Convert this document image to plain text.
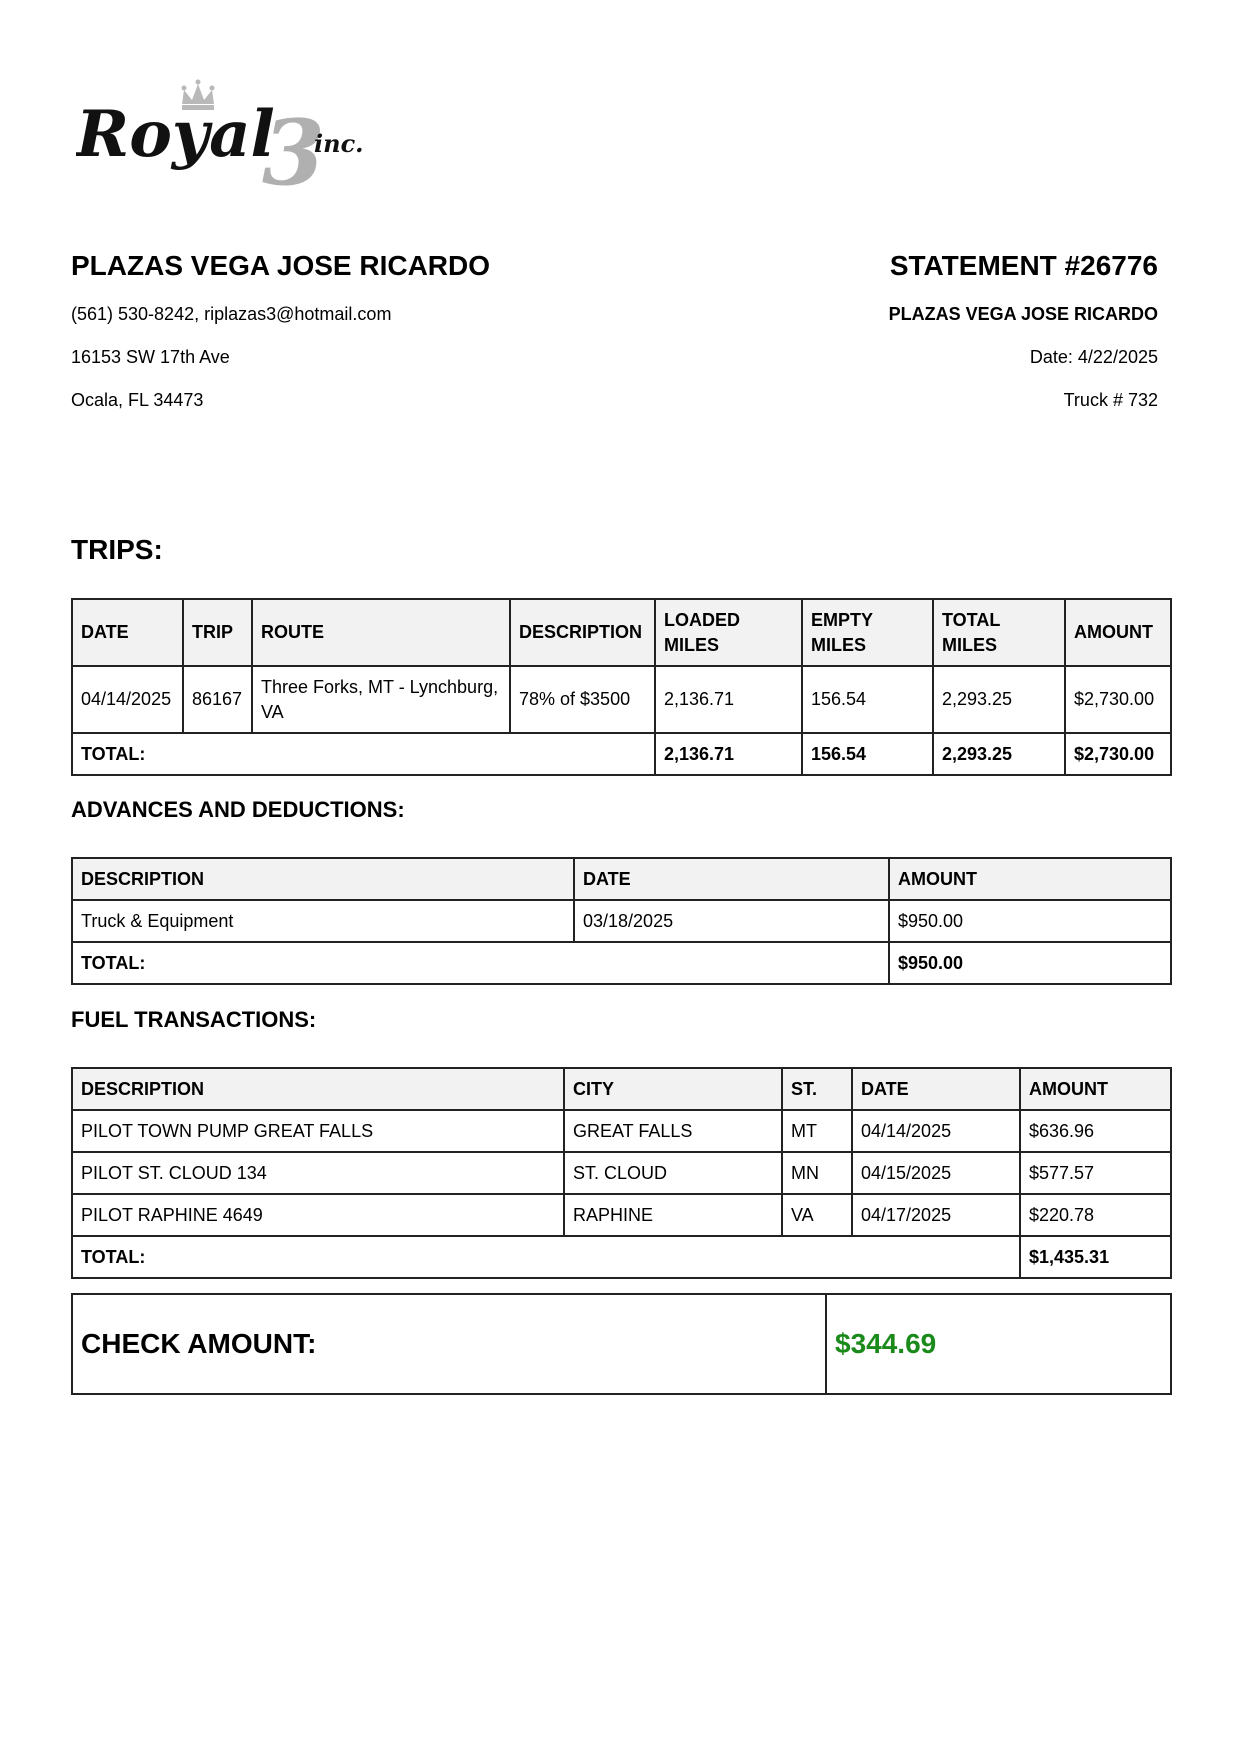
Royal
3
inc.
PLAZAS VEGA JOSE RICARDO
(561) 530-8242, riplazas3@hotmail.com
16153 SW 17th Ave
Ocala, FL 34473
STATEMENT #26776
PLAZAS VEGA JOSE RICARDO
Date: 4/22/2025
Truck # 732
TRIPS:
DATE	TRIP	ROUTE	DESCRIPTION	LOADED MILES	EMPTY MILES	TOTAL MILES	AMOUNT
04/14/2025	86167	Three Forks, MT - Lynchburg, VA	78% of $3500	2,136.71	156.54	2,293.25	$2,730.00
TOTAL:				2,136.71	156.54	2,293.25	$2,730.00
ADVANCES AND DEDUCTIONS:
DESCRIPTION	DATE	AMOUNT
Truck & Equipment	03/18/2025	$950.00
TOTAL:		$950.00
FUEL TRANSACTIONS:
DESCRIPTION	CITY	ST.	DATE	AMOUNT
PILOT TOWN PUMP GREAT FALLS	GREAT FALLS	MT	04/14/2025	$636.96
PILOT ST. CLOUD 134	ST. CLOUD	MN	04/15/2025	$577.57
PILOT RAPHINE 4649	RAPHINE	VA	04/17/2025	$220.78
TOTAL:				$1,435.31
CHECK AMOUNT:	$344.69
